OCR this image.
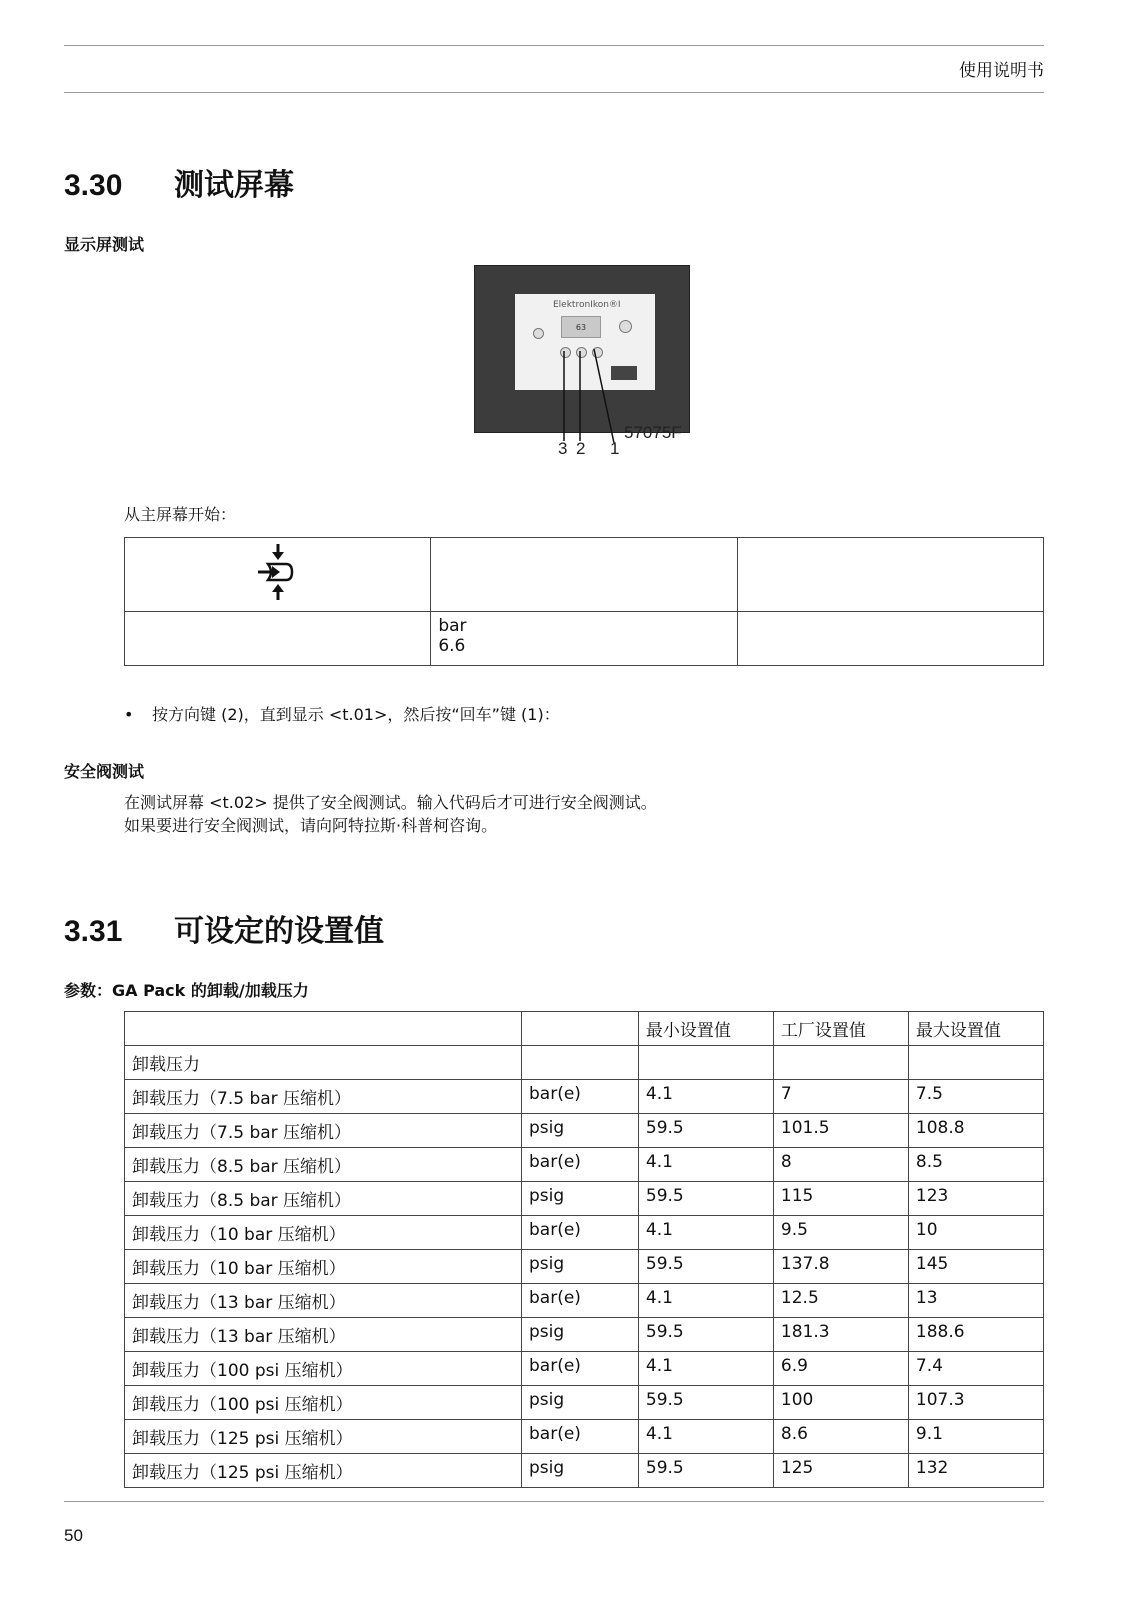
使用说明书
3.30 测试屏幕
显示屏测试
ElektronIkon®I
63
57075F
3 2 1
从主屏幕开始：

	bar
6.6	

• 按方向键 (2)，直到显示 <t.01>，然后按“回车”键 (1)：
安全阀测试
在测试屏幕 <t.02> 提供了安全阀测试。输入代码后才可进行安全阀测试。
如果要进行安全阀测试，请向阿特拉斯·科普柯咨询。
3.31 可设定的设置值
参数：GA Pack 的卸载/加载压力
		最小设置值	工厂设置值	最大设置值
卸载压力				
卸载压力（7.5 bar 压缩机）	bar(e)	4.1	7	7.5
卸载压力（7.5 bar 压缩机）	psig	59.5	101.5	108.8
卸载压力（8.5 bar 压缩机）	bar(e)	4.1	8	8.5
卸载压力（8.5 bar 压缩机）	psig	59.5	115	123
卸载压力（10 bar 压缩机）	bar(e)	4.1	9.5	10
卸载压力（10 bar 压缩机）	psig	59.5	137.8	145
卸载压力（13 bar 压缩机）	bar(e)	4.1	12.5	13
卸载压力（13 bar 压缩机）	psig	59.5	181.3	188.6
卸载压力（100 psi 压缩机）	bar(e)	4.1	6.9	7.4
卸载压力（100 psi 压缩机）	psig	59.5	100	107.3
卸载压力（125 psi 压缩机）	bar(e)	4.1	8.6	9.1
卸载压力（125 psi 压缩机）	psig	59.5	125	132
50
